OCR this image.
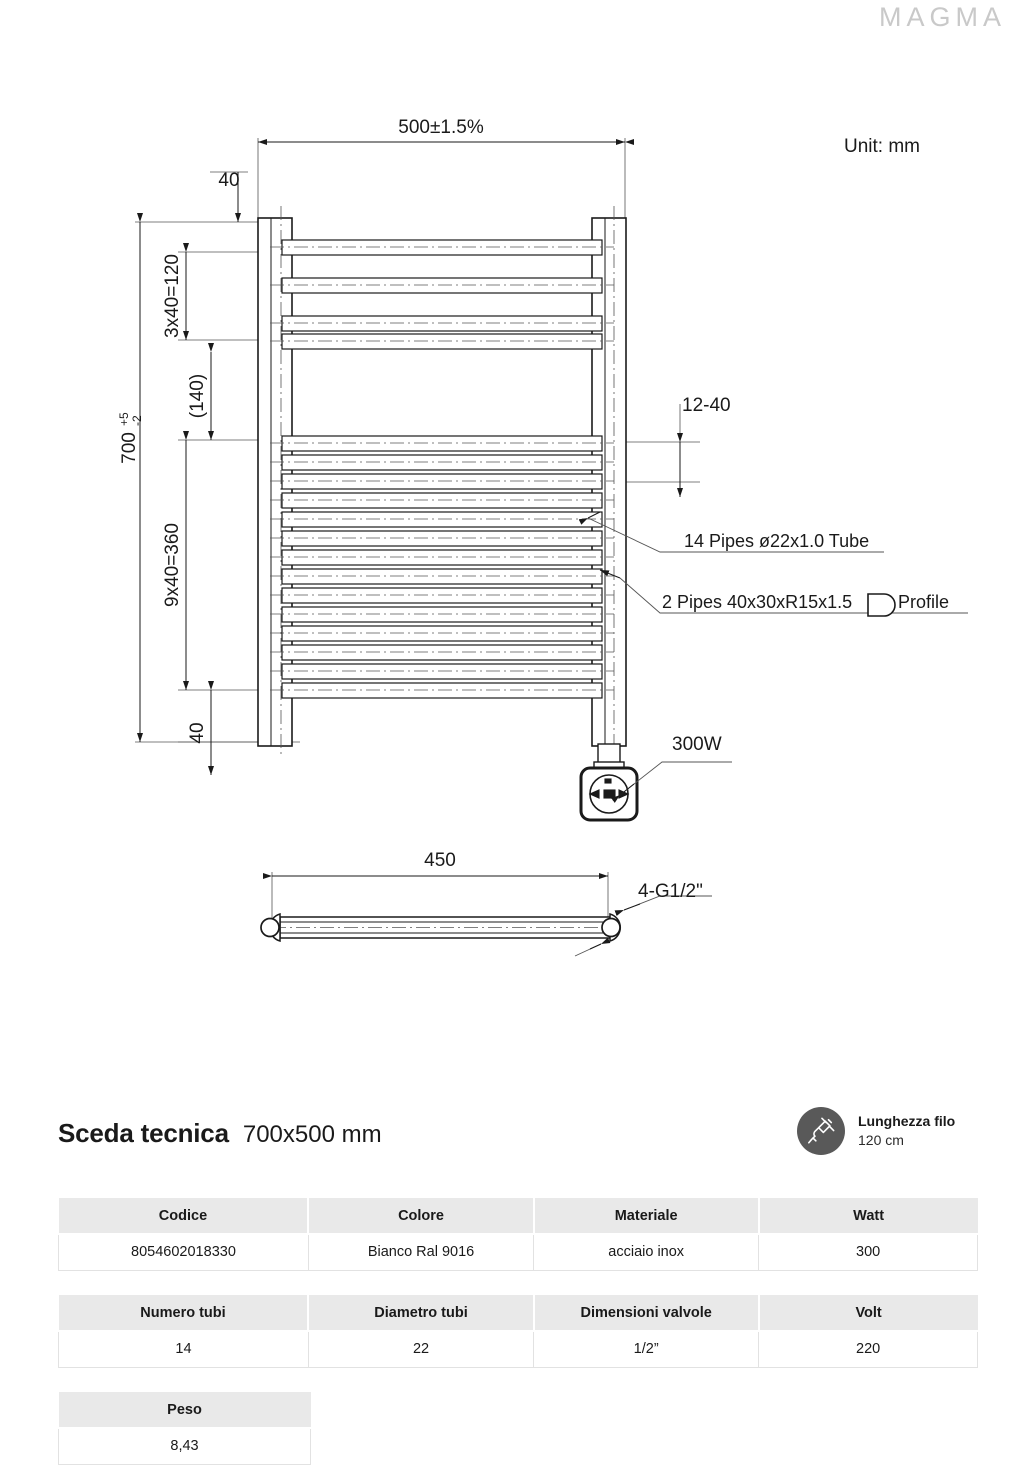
MAGMA
500±1.5%
40
Unit: mm
3x40=120
(140)
9x40=360
40
700
+5 -2
12-40
14 Pipes ø22x1.0 Tube
2 Pipes 40x30xR15x1.5	Profile
300W
450
4-G1/2"
Sceda tecnica 700x500 mm	Lunghezza filo
120 cm
Codice	Colore	Materiale	Watt
8054602018330	Bianco Ral 9016	acciaio inox	300
Numero tubi	Diametro tubi	Dimensioni valvole	Volt
14	22	1/2”	220
Peso
8,43
